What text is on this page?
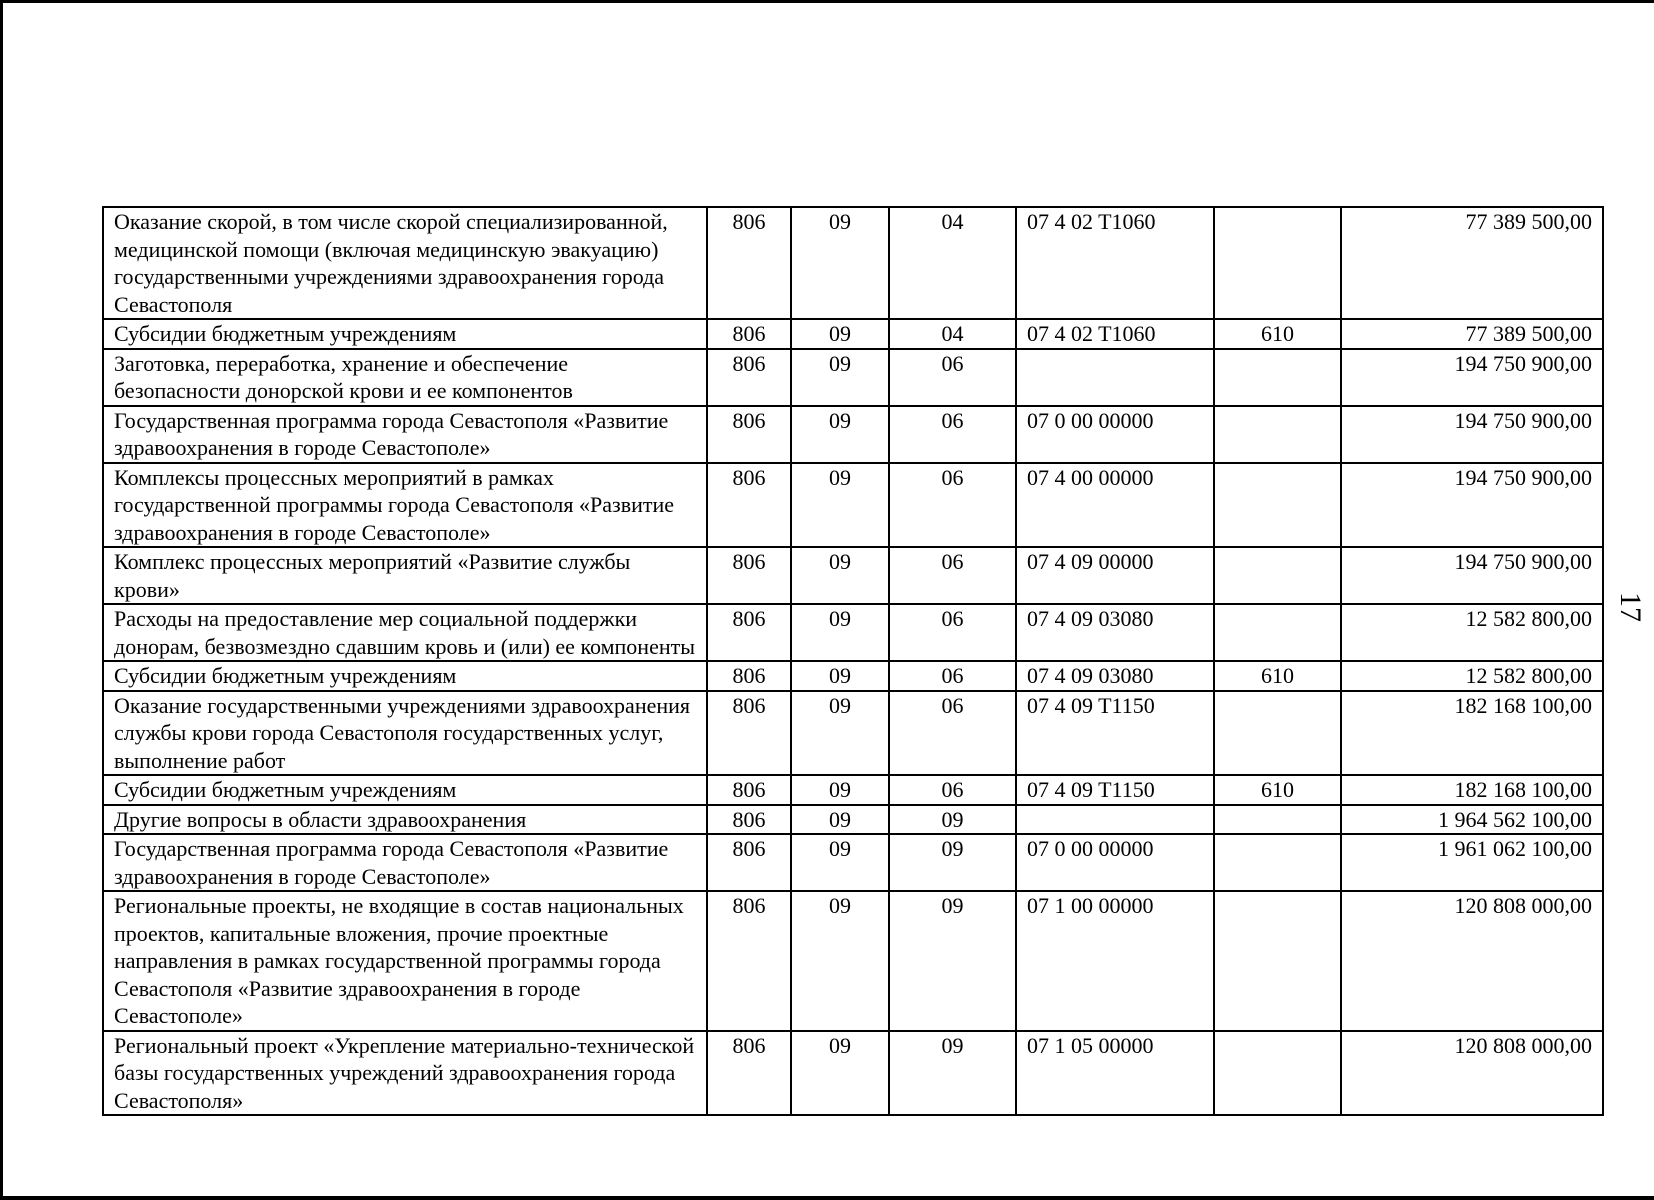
Оказание скорой, в том числе скорой специализированной, медицинской помощи (включая медицинскую эвакуацию) государственными учреждениями здравоохранения города Севастополя	806	09	04	07 4 02 T1060		77 389 500,00
Субсидии бюджетным учреждениям	806	09	04	07 4 02 T1060	610	77 389 500,00
Заготовка, переработка, хранение и обеспечение безопасности донорской крови и ее компонентов	806	09	06			194 750 900,00
Государственная программа города Севастополя «Развитие здравоохранения в городе Севастополе»	806	09	06	07 0 00 00000		194 750 900,00
Комплексы процессных мероприятий в рамках государственной программы города Севастополя «Развитие здравоохранения в городе Севастополе»	806	09	06	07 4 00 00000		194 750 900,00
Комплекс процессных мероприятий «Развитие службы крови»	806	09	06	07 4 09 00000		194 750 900,00
Расходы на предоставление мер социальной поддержки донорам, безвозмездно сдавшим кровь и (или) ее компоненты	806	09	06	07 4 09 03080		12 582 800,00
Субсидии бюджетным учреждениям	806	09	06	07 4 09 03080	610	12 582 800,00
Оказание государственными учреждениями здравоохранения службы крови города Севастополя государственных услуг, выполнение работ	806	09	06	07 4 09 T1150		182 168 100,00
Субсидии бюджетным учреждениям	806	09	06	07 4 09 T1150	610	182 168 100,00
Другие вопросы в области здравоохранения	806	09	09			1 964 562 100,00
Государственная программа города Севастополя «Развитие здравоохранения в городе Севастополе»	806	09	09	07 0 00 00000		1 961 062 100,00
Региональные проекты, не входящие в состав национальных проектов, капитальные вложения, прочие проектные направления в рамках государственной программы города Севастополя «Развитие здравоохранения в городе Севастополе»	806	09	09	07 1 00 00000		120 808 000,00
Региональный проект «Укрепление материально-технической базы государственных учреждений здравоохранения города Севастополя»	806	09	09	07 1 05 00000		120 808 000,00
17
